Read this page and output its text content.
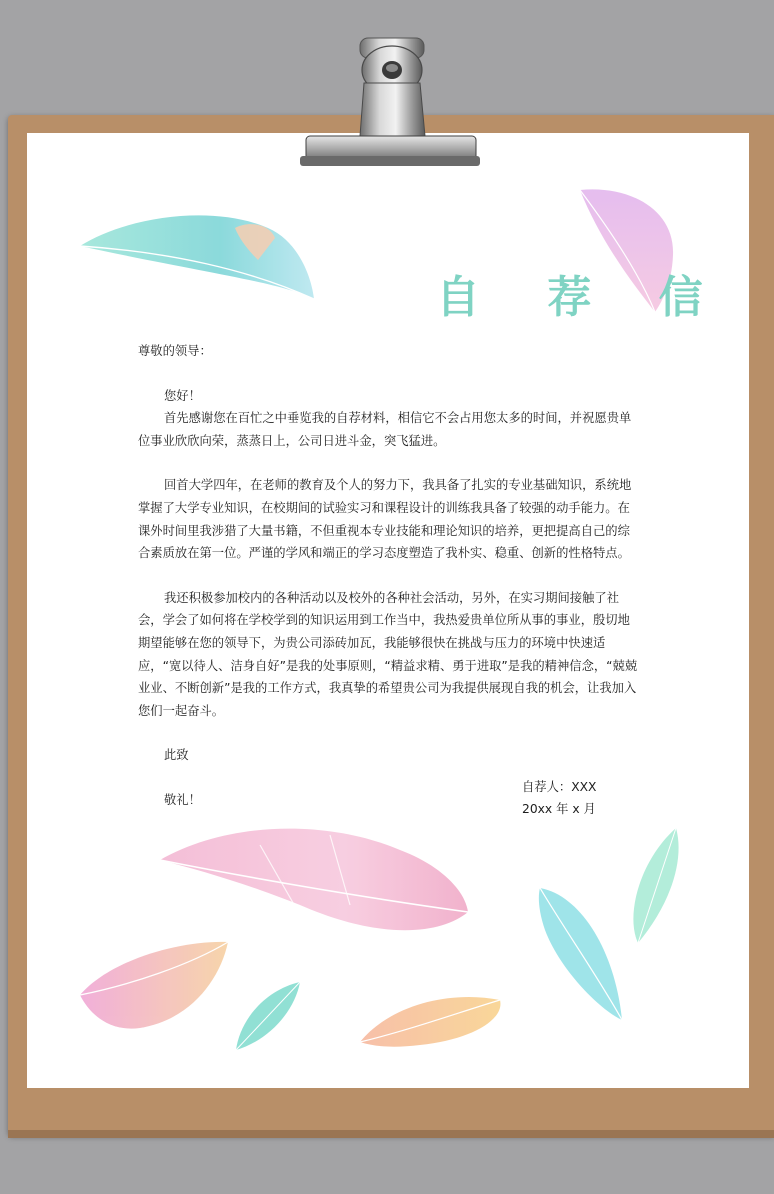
自 荐 信

尊敬的领导：

您好！

首先感谢您在百忙之中垂览我的自荐材料，相信它不会占用您太多的时间，并祝愿贵单位事业欣欣向荣，蒸蒸日上，公司日进斗金，突飞猛进。

回首大学四年，在老师的教育及个人的努力下，我具备了扎实的专业基础知识，系统地掌握了大学专业知识，在校期间的试验实习和课程设计的训练我具备了较强的动手能力。在课外时间里我涉猎了大量书籍，不但重视本专业技能和理论知识的培养，更把提高自己的综合素质放在第一位。严谨的学风和端正的学习态度塑造了我朴实、稳重、创新的性格特点。

我还积极参加校内的各种活动以及校外的各种社会活动，另外，在实习期间接触了社会，学会了如何将在学校学到的知识运用到工作当中，我热爱贵单位所从事的事业，殷切地期望能够在您的领导下，为贵公司添砖加瓦，我能够很快在挑战与压力的环境中快速适应，“宽以待人、洁身自好”是我的处事原则，“精益求精、勇于进取”是我的精神信念，“兢兢业业、不断创新”是我的工作方式，我真挚的希望贵公司为我提供展现自我的机会，让我加入您们一起奋斗。

此致

敬礼！

自荐人：XXX
20xx 年 x 月
